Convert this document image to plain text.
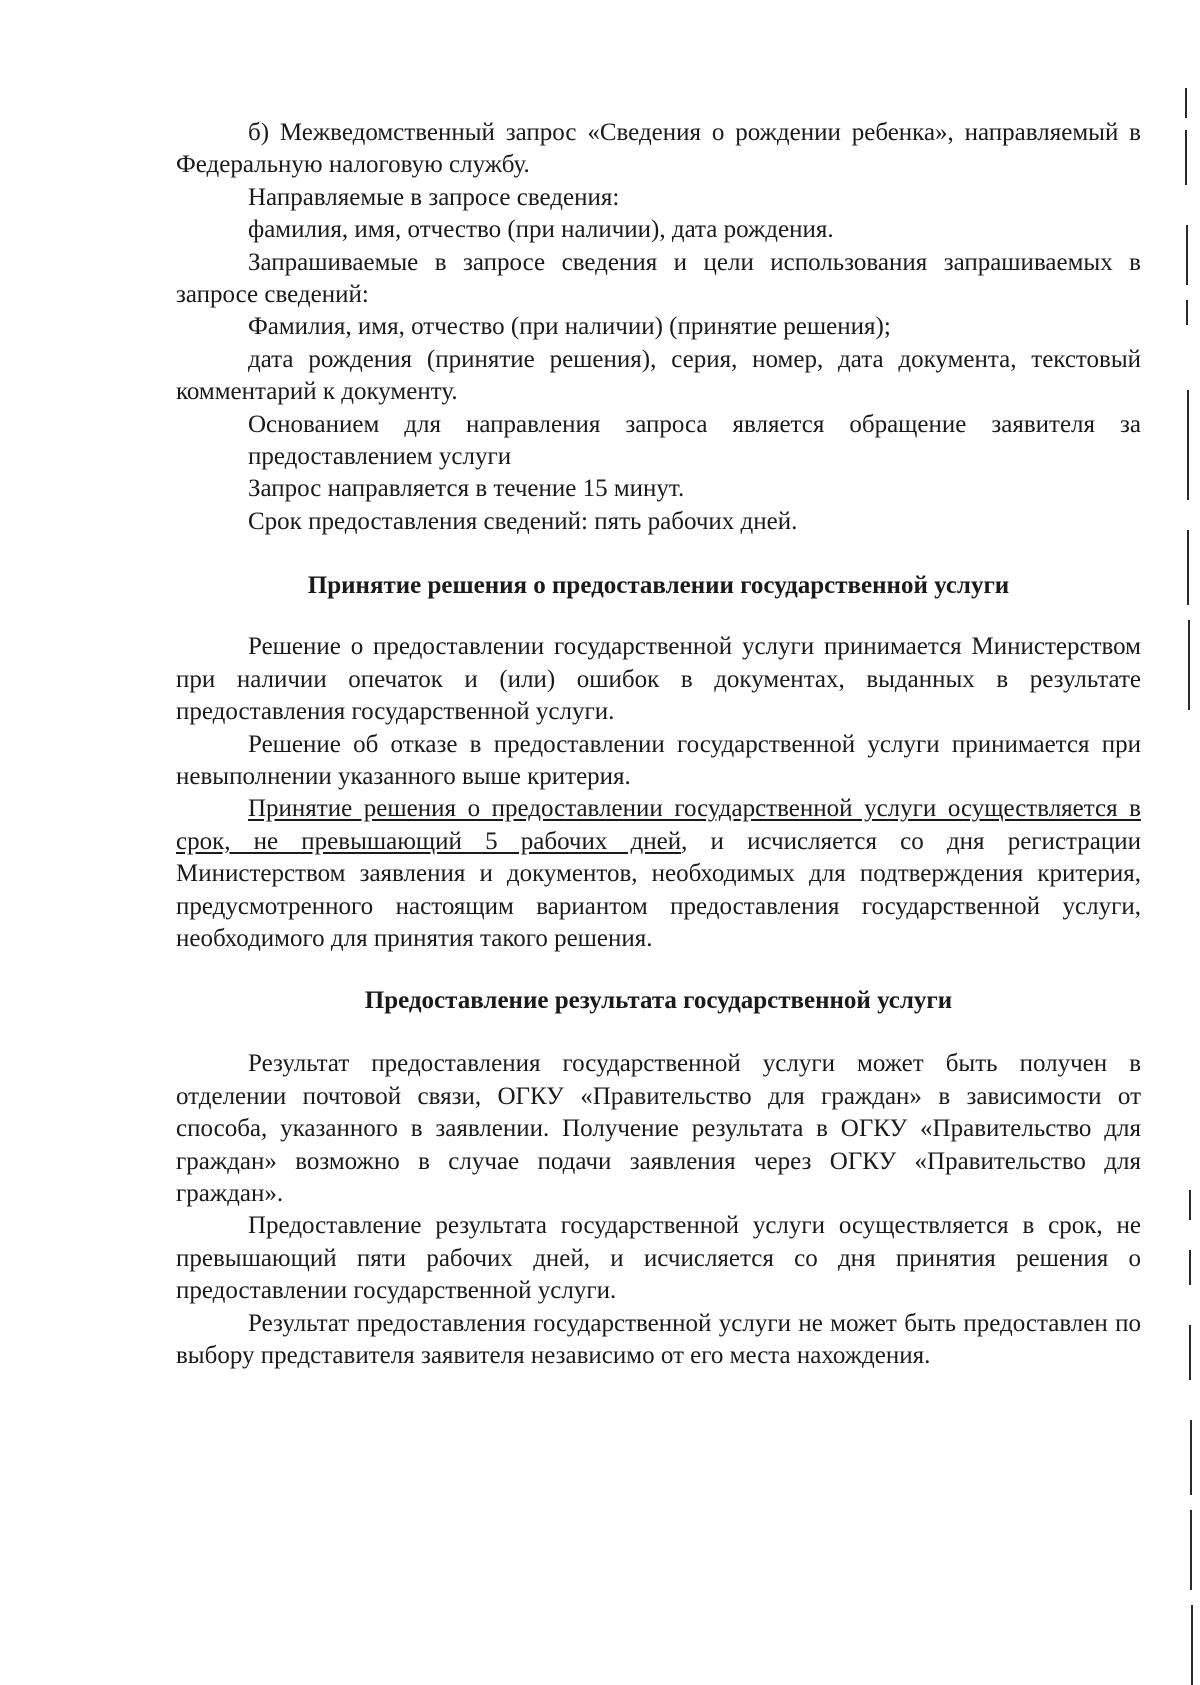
б) Межведомственный запрос «Сведения о рождении ребенка», направляемый в Федеральную налоговую службу.

Направляемые в запросе сведения:

фамилия, имя, отчество (при наличии), дата рождения.

Запрашиваемые в запросе сведения и цели использования запрашиваемых в запросе сведений:

Фамилия, имя, отчество (при наличии) (принятие решения);

дата рождения (принятие решения), серия, номер, дата документа, текстовый комментарий к документу.

Основанием для направления запроса является обращение заявителя за предоставлением услуги

Запрос направляется в течение 15 минут.

Срок предоставления сведений: пять рабочих дней.

Принятие решения о предоставлении государственной услуги

Решение о предоставлении государственной услуги принимается Министерством при наличии опечаток и (или) ошибок в документах, выданных в результате предоставления государственной услуги.

Решение об отказе в предоставлении государственной услуги принимается при невыполнении указанного выше критерия.

Принятие решения о предоставлении государственной услуги осуществляется в срок, не превышающий 5 рабочих дней, и исчисляется со дня регистрации Министерством заявления и документов, необходимых для подтверждения критерия, предусмотренного настоящим вариантом предоставления государственной услуги, необходимого для принятия такого решения.

Предоставление результата государственной услуги

Результат предоставления государственной услуги может быть получен в отделении почтовой связи, ОГКУ «Правительство для граждан» в зависимости от способа, указанного в заявлении. Получение результата в ОГКУ «Правительство для граждан» возможно в случае подачи заявления через ОГКУ «Правительство для граждан».

Предоставление результата государственной услуги осуществляется в срок, не превышающий пяти рабочих дней, и исчисляется со дня принятия решения о предоставлении государственной услуги.

Результат предоставления государственной услуги не может быть предоставлен по выбору представителя заявителя независимо от его места нахождения.
